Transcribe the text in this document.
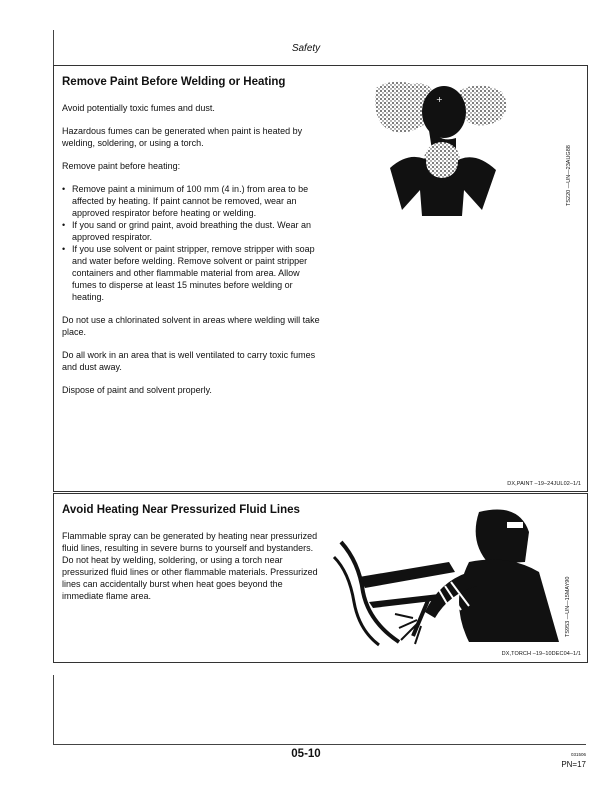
Safety
Remove Paint Before Welding or Heating

Avoid potentially toxic fumes and dust.

Hazardous fumes can be generated when paint is heated by welding, soldering, or using a torch.

Remove paint before heating:

• Remove paint a minimum of 100 mm (4 in.) from area to be affected by heating. If paint cannot be removed, wear an approved respirator before heating or welding.
• If you sand or grind paint, avoid breathing the dust. Wear an approved respirator.
• If you use solvent or paint stripper, remove stripper with soap and water before welding. Remove solvent or paint stripper containers and other flammable material from area. Allow fumes to disperse at least 15 minutes before welding or heating.

Do not use a chlorinated solvent in areas where welding will take place.

Do all work in an area that is well ventilated to carry toxic fumes and dust away.

Dispose of paint and solvent properly.

+
TS220 —UN—23AUG88
DX,PAINT –19–24JUL02–1/1
Avoid Heating Near Pressurized Fluid Lines

Flammable spray can be generated by heating near pressurized fluid lines, resulting in severe burns to yourself and bystanders. Do not heat by welding, soldering, or using a torch near pressurized fluid lines or other flammable materials. Pressurized lines can accidentally burst when heat goes beyond the immediate flame area.	TS953 —UN—15MAY90
DX,TORCH –19–10DEC04–1/1
05-10	031506
PN=17
